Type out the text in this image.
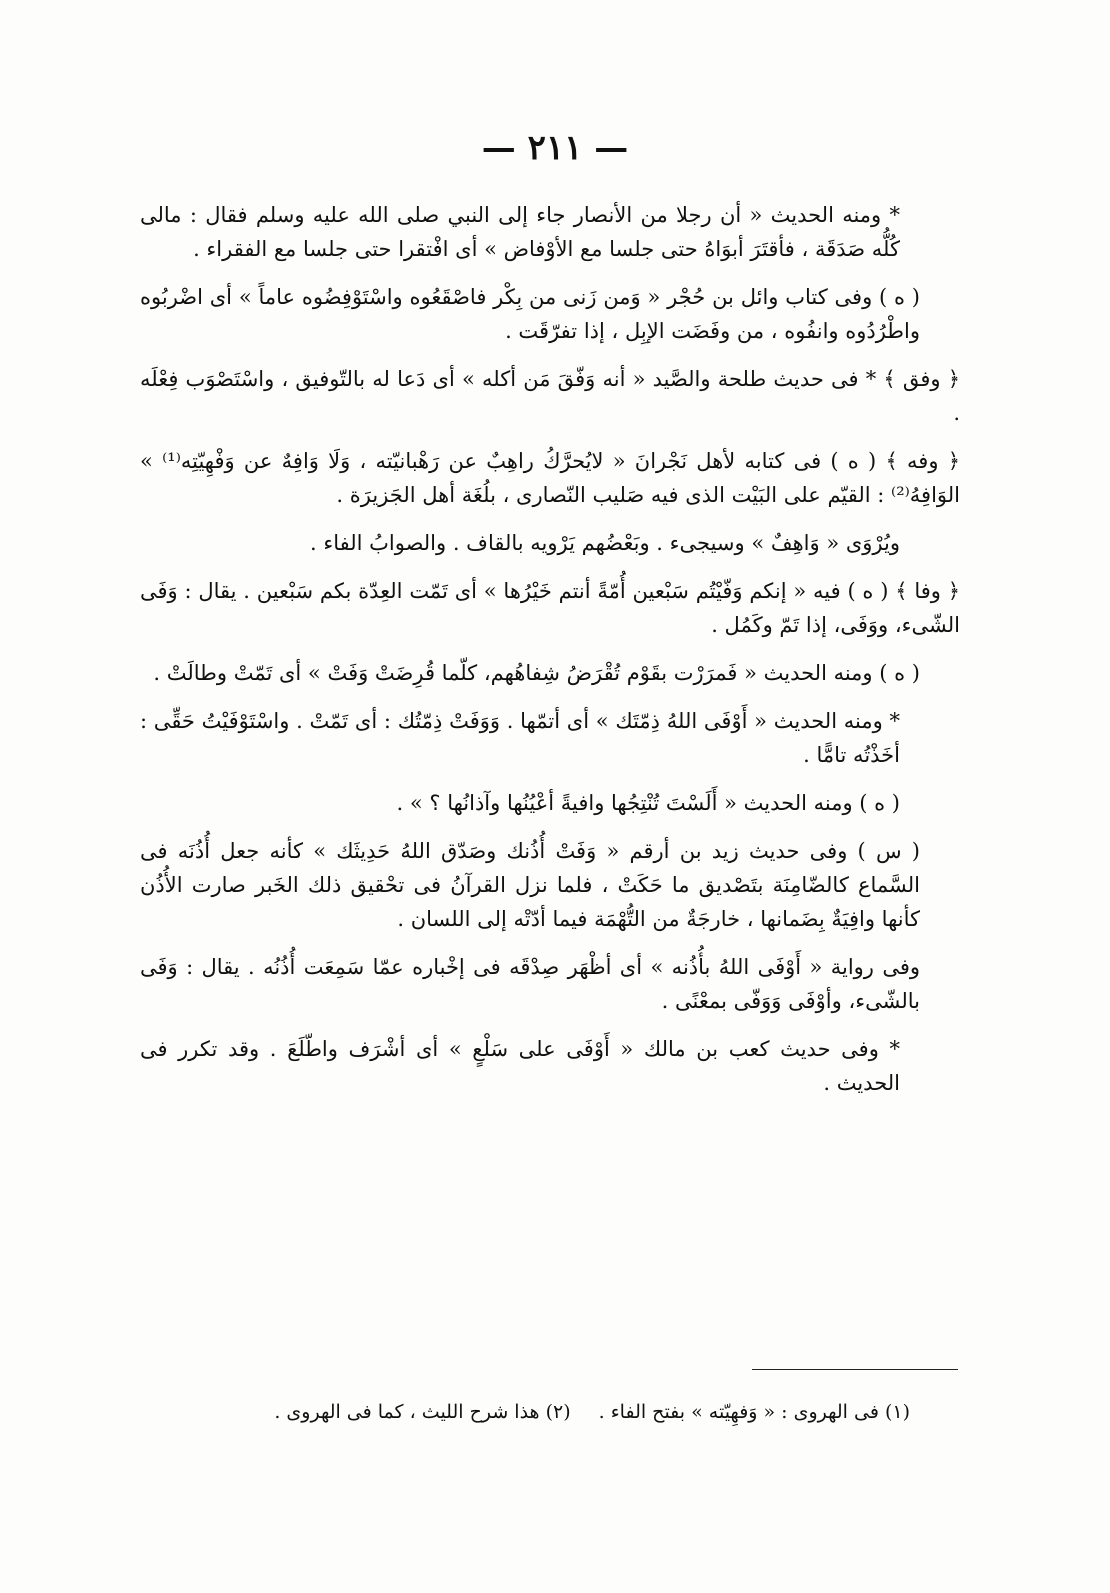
— ٢١١ —

* ومنه الحديث « أن رجلا من الأنصار جاء إلى النبي صلى الله عليه وسلم فقال : مالى كُلُّه صَدَقَة ، فأقتَرَ أبوَاهُ حتى جلسا مع الأوْفاض » أى افْتقرا حتى جلسا مع الفقراء .

( ه ) وفى كتاب وائل بن حُجْر « وَمن زَنى من بِكْر فاصْقَعُوه واسْتَوْفِضُوه عاماً » أى اضْربُوه واطْرُدُوه وانفُوه ، من وفَضَت الإبِل ، إذا تفرّقَت .

﴿ وفق ﴾ * فى حديث طلحة والصَّيد « أنه وَفّقَ مَن أكله » أى دَعا له بالتّوفيق ، واسْتَصْوَب فِعْلَه .

﴿ وفه ﴾ ( ه ) فى كتابه لأهل نَجْرانَ « لايُحرَّكُ راهِبٌ عن رَهْبانيّته ، وَلَا وَافِهٌ عن وَفْهِيّتِه⁽¹⁾ » الوَافِهُ⁽²⁾ : القيّم على البَيْت الذى فيه صَليب النّصارى ، بلُغَة أهل الجَزيرَة .

ويُرْوَى « وَاهِفٌ » وسيجىء . وبَعْضُهم يَرْويه بالقاف . والصوابُ الفاء .

﴿ وفا ﴾ ( ه ) فيه « إنكم وَفّيْتُم سَبْعين أُمّةً أنتم خَيْرُها » أى تَمّت العِدّة بكم سَبْعين . يقال : وَفَى الشّىء، ووَفَى، إذا تَمّ وكَمُل .

( ه ) ومنه الحديث « فَمرَرْت بقَوْم تُقْرَضُ شِفاهُهم، كلّما قُرِضَتْ وَفَتْ » أى تَمّتْ وطالَتْ .

* ومنه الحديث « أَوْفَى اللهُ ذِمّتَك » أى أتمّها . وَوَفَتْ ذِمّتُك : أى تَمّتْ . واسْتَوْفَيْتُ حَقِّى : أخَذْتُه تامًّا .

( ه ) ومنه الحديث « أَلَسْتَ تُنْتِجُها وافيةً أعْيُنُها وآذانُها ؟ » .

( س ) وفى حديث زيد بن أرقم « وَفَتْ أُذُنك وصَدّق اللهُ حَدِيثَك » كأنه جعل أُذُنَه فى السَّماع كالضّامِنَة بتَصْديق ما حَكَتْ ، فلما نزل القرآنُ فى تحْقيق ذلك الخَبر صارت الأُذُن كأنها وافِيَةٌ بِضَمانها ، خارجَةٌ من التُّهْمَة فيما أدّتْه إلى اللسان .

وفى رواية « أَوْفَى اللهُ بأُذُنه » أى أظْهَر صِدْقَه فى إخْباره عمّا سَمِعَت أُذُنُه . يقال : وَفَى بالشّىء، وأوْفَى وَوَفّى بمعْنًى .

* وفى حديث كعب بن مالك « أَوْفَى على سَلْعٍ » أى أشْرَف واطّلَعَ . وقد تكرر فى الحديث .

(١) فى الهروى : « وَفهِيّته » بفتح الفاء .
(٢) هذا شرح الليث ، كما فى الهروى .
